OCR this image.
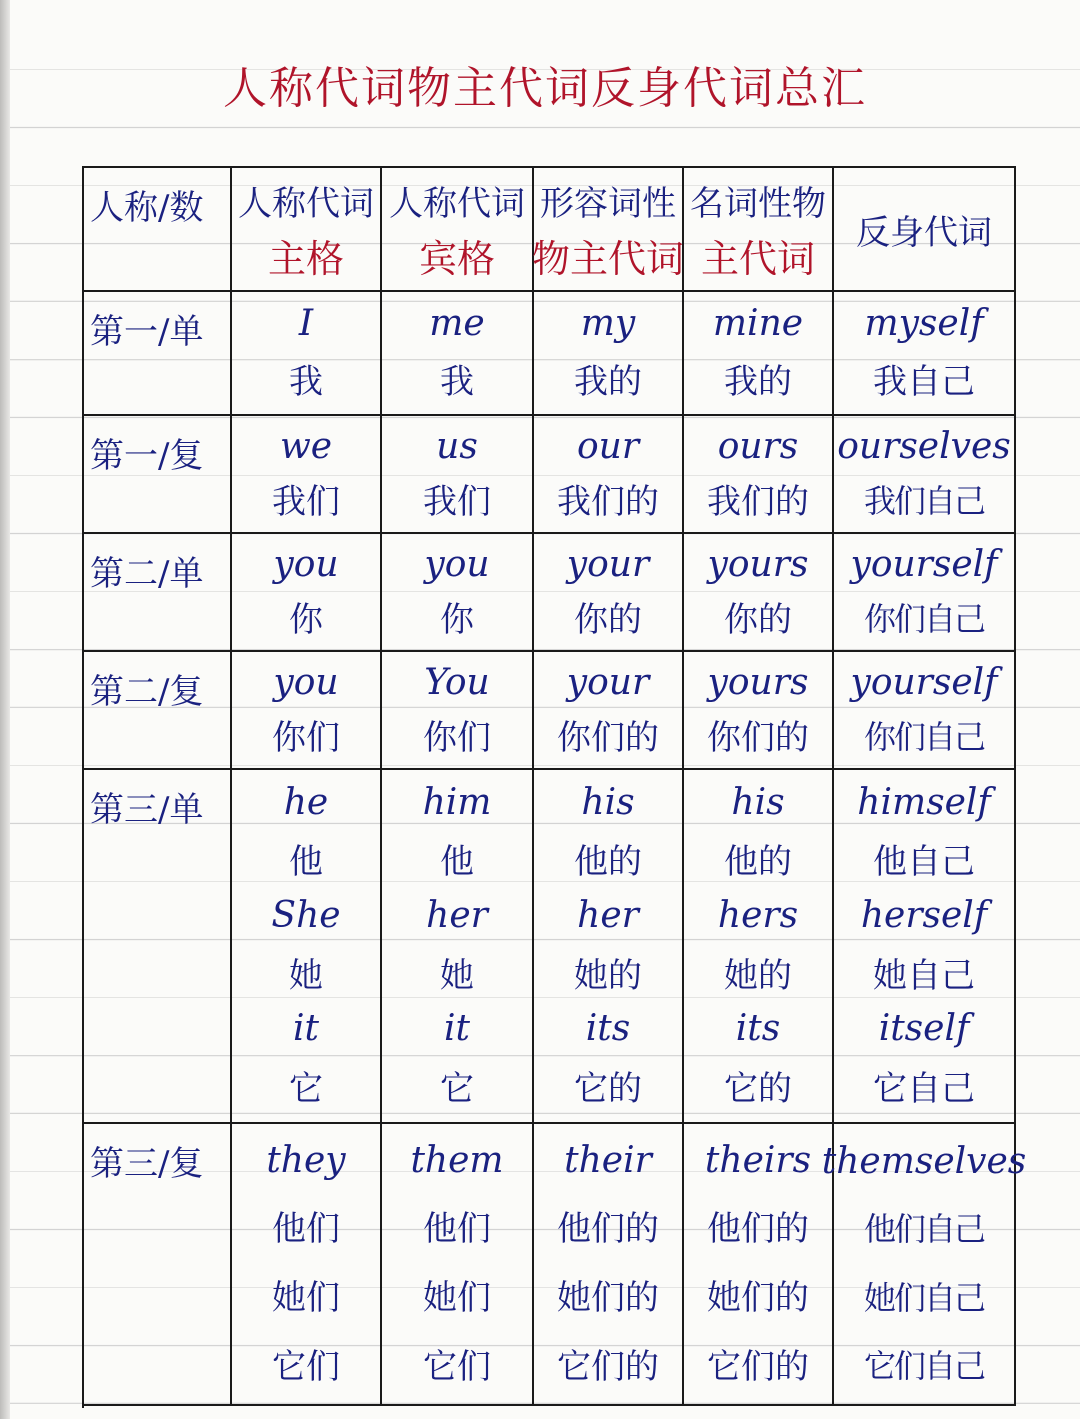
人称代词物主代词反身代词总汇
人称/数 人称代词
主格
人称代词
宾格
形容词性
物主代词
名词性物
主代词
反身代词
第一/单	I
我
me
我
my
我的
mine
我的
myself
我自己
第一/复 we
我们
us
我们
our
我们的
ours
我们的
ourselves
我们自己
第二/单 you
你
you
你
your
你的
yours
你的
yourself
你们自己
第二/复 you
你们
You
你们
your
你们的
yours
你们的
yourself
你们自己
第三/单 he
他
She
她
it
它
him
他
her
她
it
它
his
他的
her
她的
its
它的
his
他的
hers
她的
its
它的
himself
他自己
herself
她自己
itself
它自己
第三/复 they
他们
她们
它们
them
他们
她们
它们
their
他们的
她们的
它们的
theirs
他们的
她们的
它们的
themselves
他们自己
她们自己
它们自己
